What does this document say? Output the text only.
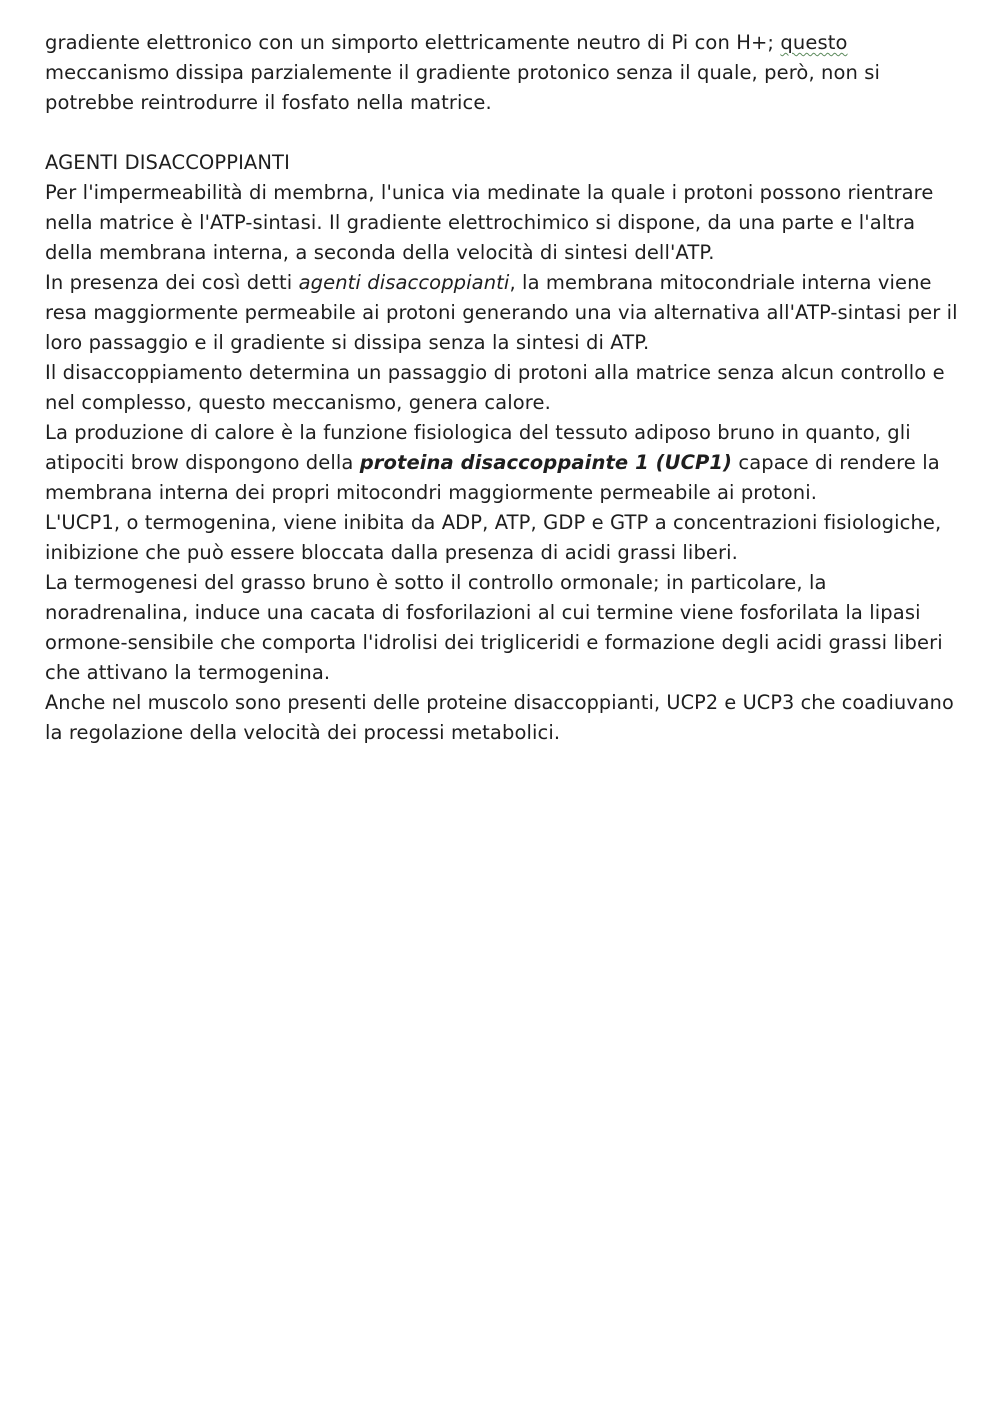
gradiente elettronico con un simporto elettricamente neutro di Pi con H+; questo
meccanismo dissipa parzialemente il gradiente protonico senza il quale, però, non si
potrebbe reintrodurre il fosfato nella matrice.
AGENTI DISACCOPPIANTI
Per l'impermeabilità di membrna, l'unica via medinate la quale i protoni possono rientrare
nella matrice è l'ATP-sintasi. Il gradiente elettrochimico si dispone, da una parte e l'altra
della membrana interna, a seconda della velocità di sintesi dell'ATP.
In presenza dei così detti agenti disaccoppianti, la membrana mitocondriale interna viene
resa maggiormente permeabile ai protoni generando una via alternativa all'ATP-sintasi per il
loro passaggio e il gradiente si dissipa senza la sintesi di ATP.
Il disaccoppiamento determina un passaggio di protoni alla matrice senza alcun controllo e
nel complesso, questo meccanismo, genera calore.
La produzione di calore è la funzione fisiologica del tessuto adiposo bruno in quanto, gli
atipociti brow dispongono della proteina disaccoppainte 1 (UCP1) capace di rendere la
membrana interna dei propri mitocondri maggiormente permeabile ai protoni.
L'UCP1, o termogenina, viene inibita da ADP, ATP, GDP e GTP a concentrazioni fisiologiche,
inibizione che può essere bloccata dalla presenza di acidi grassi liberi.
La termogenesi del grasso bruno è sotto il controllo ormonale; in particolare, la
noradrenalina, induce una cacata di fosforilazioni al cui termine viene fosforilata la lipasi
ormone-sensibile che comporta l'idrolisi dei trigliceridi e formazione degli acidi grassi liberi
che attivano la termogenina.
Anche nel muscolo sono presenti delle proteine disaccoppianti, UCP2 e UCP3 che coadiuvano
la regolazione della velocità dei processi metabolici.
